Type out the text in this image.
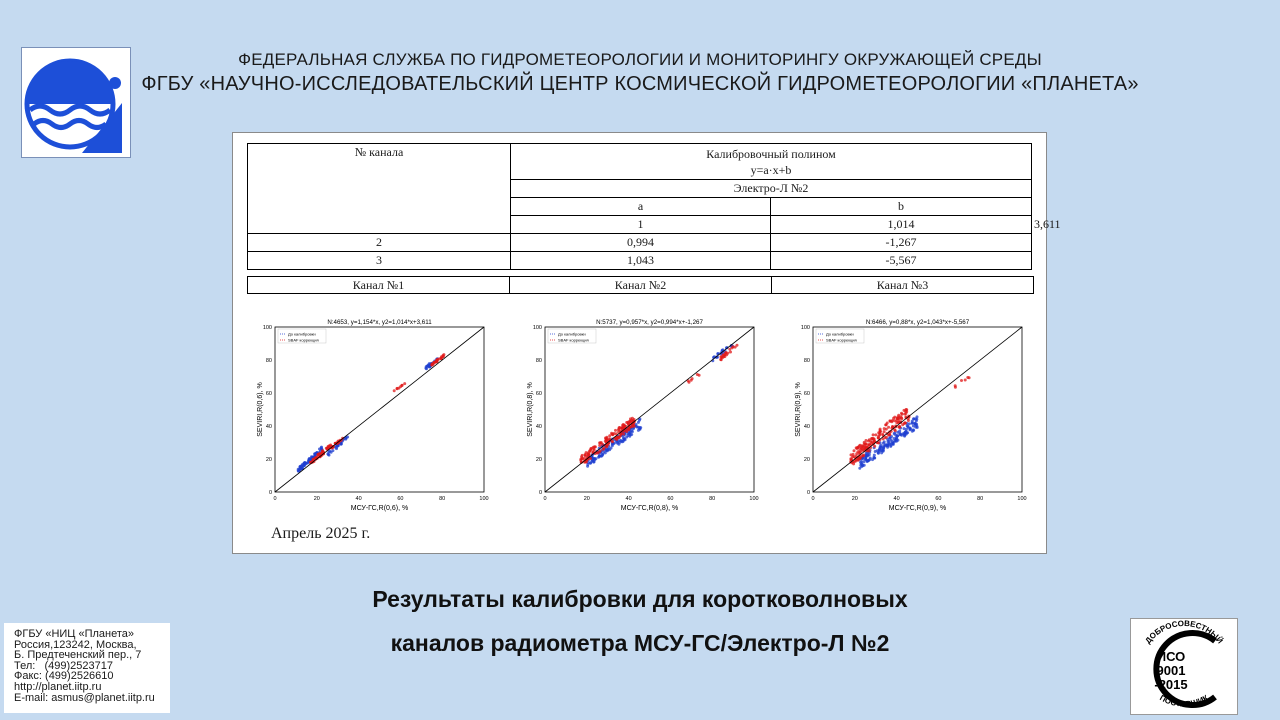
ФЕДЕРАЛЬНАЯ СЛУЖБА ПО ГИДРОМЕТЕОРОЛОГИИ И МОНИТОРИНГУ ОКРУЖАЮЩЕЙ СРЕДЫ
ФГБУ «НАУЧНО-ИССЛЕДОВАТЕЛЬСКИЙ ЦЕНТР КОСМИЧЕСКОЙ ГИДРОМЕТЕОРОЛОГИИ «ПЛАНЕТА»
№ канала	Калибровочный полином
y=a·x+b		
	Электро-Л №2		
	a	b	
	1	1,014	3,611
2	0,994	-1,267	
3	1,043	-5,567	
Канал №1	Канал №2	Канал №3
N:4653, y=1,154*x, y2=1,014*x+3,611
0
0
20
20
40
40
60
60
80
80
100
100
МСУ-ГС,R(0,6), %
SEVIRI,R(0,6), %
До калибровки
SBAF коррекция
N:5737, y=0,957*x, y2=0,994*x+-1,267
0
0
20
20
40
40
60
60
80
80
100
100
МСУ-ГС,R(0,8), %
SEVIRI,R(0,8), %
До калибровки
SBAF коррекция
N:6466, y=0,88*x, y2=1,043*x+-5,567
0
0
20
20
40
40
60
60
80
80
100
100
МСУ-ГС,R(0,9), %
SEVIRI,R(0,9), %
До калибровки
SBAF коррекция
Апрель 2025 г.
Результаты калибровки для коротковолновых
каналов радиометра МСУ-ГС/Электро-Л №2
ФГБУ «НИЦ «Планета»
Россия,123242, Москва,
Б. Предтеченский пер., 7
Тел:   (499)2523717
Факс: (499)2526610
http://planet.iitp.ru
E-mail: asmus@planet.iitp.ru
ДОБРОСОВЕСТНЫЙ
ИСО
9001
-2015
ПОСТАВЩИК
